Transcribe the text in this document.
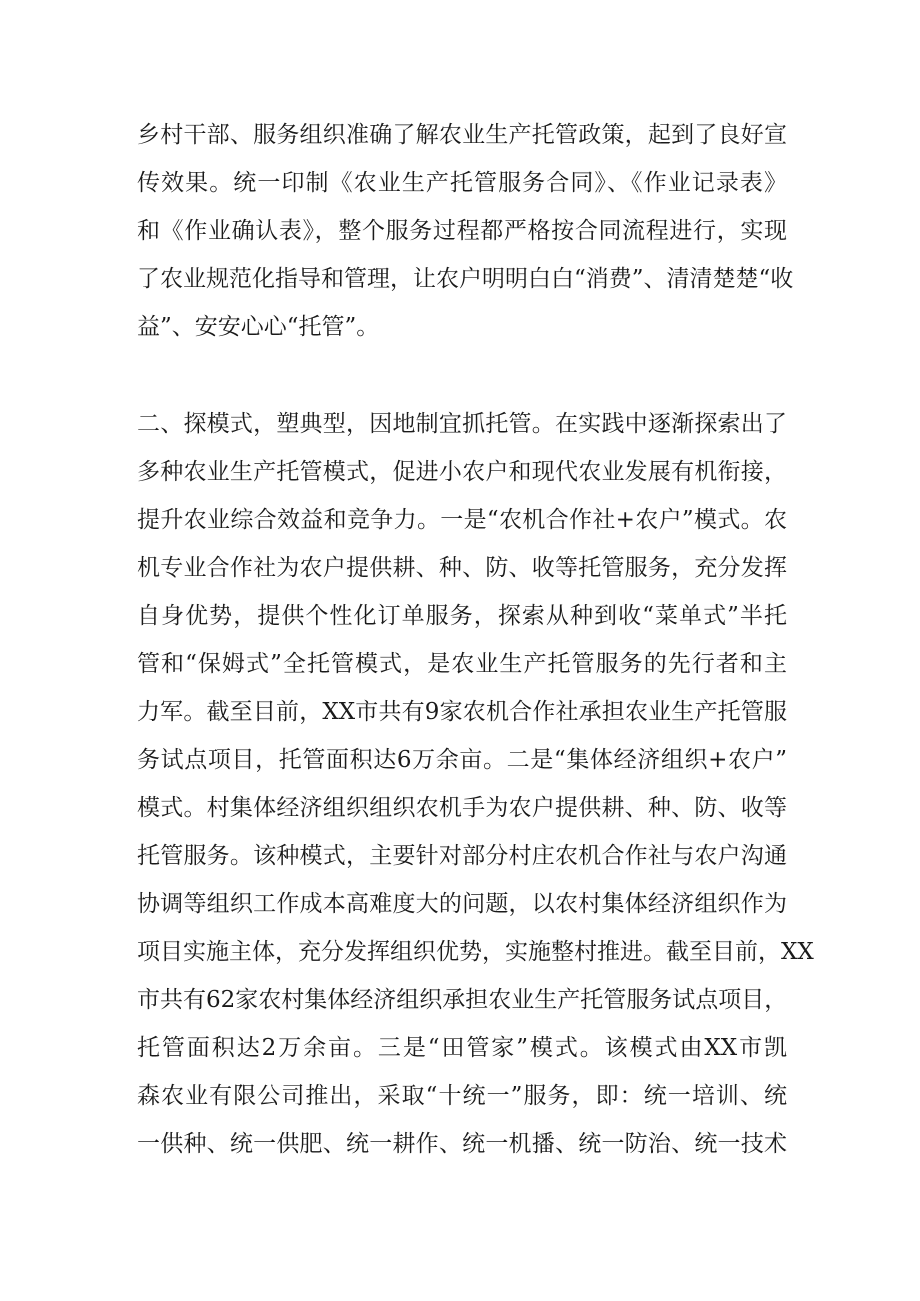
乡村干部、服务组织准确了解农业生产托管政策，起到了良好宣
传效果。统一印制《农业生产托管服务合同》、《作业记录表》
和《作业确认表》，整个服务过程都严格按合同流程进行，实现
了农业规范化指导和管理，让农户明明白白“消费”、清清楚楚“收
益”、安安心心“托管”。
二、探模式，塑典型，因地制宜抓托管。在实践中逐渐探索出了
多种农业生产托管模式，促进小农户和现代农业发展有机衔接，
提升农业综合效益和竞争力。一是“农机合作社+农户”模式。农
机专业合作社为农户提供耕、种、防、收等托管服务，充分发挥
自身优势，提供个性化订单服务，探索从种到收“菜单式”半托
管和“保姆式”全托管模式，是农业生产托管服务的先行者和主
力军。截至目前，XX市共有9家农机合作社承担农业生产托管服
务试点项目，托管面积达6万余亩。二是“集体经济组织+农户”
模式。村集体经济组织组织农机手为农户提供耕、种、防、收等
托管服务。该种模式，主要针对部分村庄农机合作社与农户沟通
协调等组织工作成本高难度大的问题，以农村集体经济组织作为
项目实施主体，充分发挥组织优势，实施整村推进。截至目前，XX
市共有62家农村集体经济组织承担农业生产托管服务试点项目，
托管面积达2万余亩。三是“田管家”模式。该模式由XX市凯
森农业有限公司推出，采取“十统一”服务，即：统一培训、统
一供种、统一供肥、统一耕作、统一机播、统一防治、统一技术
